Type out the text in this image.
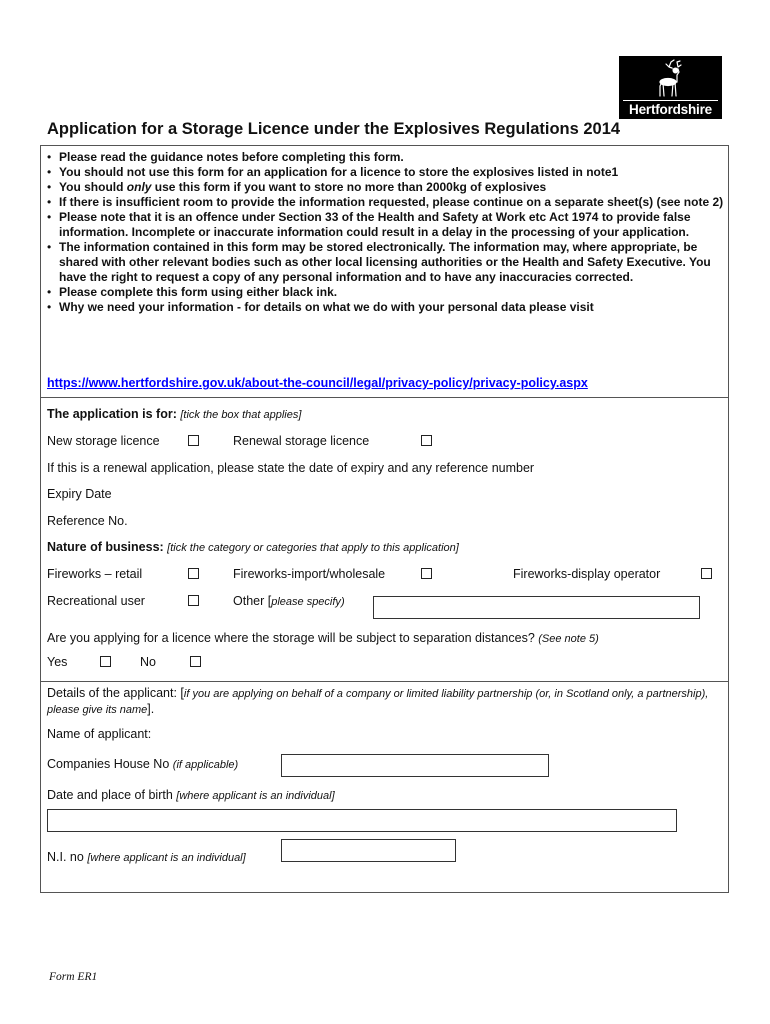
Hertfordshire
Application for a Storage Licence under the Explosives Regulations 2014
• Please read the guidance notes before completing this form.
• You should not use this form for an application for a licence to store the explosives listed in note1
• You should only use this form if you want to store no more than 2000kg of explosives
• If there is insufficient room to provide the information requested, please continue on a separate sheet(s) (see note 2)
• Please note that it is an offence under Section 33 of the Health and Safety at Work etc Act 1974 to provide false information. Incomplete or inaccurate information could result in a delay in the processing of your application.
• The information contained in this form may be stored electronically. The information may, where appropriate, be shared with other relevant bodies such as other local licensing authorities or the Health and Safety Executive. You have the right to request a copy of any personal information and to have any inaccuracies corrected.
• Please complete this form using either black ink.
• Why we need your information - for details on what we do with your personal data please visit
https://www.hertfordshire.gov.uk/about-the-council/legal/privacy-policy/privacy-policy.aspx
The application is for: [tick the box that applies]
New storage licence	Renewal storage licence
If this is a renewal application, please state the date of expiry and any reference number
Expiry Date
Reference No.
Nature of business: [tick the category or categories that apply to this application]
Fireworks – retail	Fireworks-import/wholesale	Fireworks-display operator
Recreational user	Other [please specify)
Are you applying for a licence where the storage will be subject to separation distances? (See note 5)
Yes	No
Details of the applicant: [if you are applying on behalf of a company or limited liability partnership (or, in Scotland only, a partnership), please give its name].
Name of applicant:
Companies House No (if applicable)
Date and place of birth [where applicant is an individual]
N.I. no [where applicant is an individual]
Form ER1
